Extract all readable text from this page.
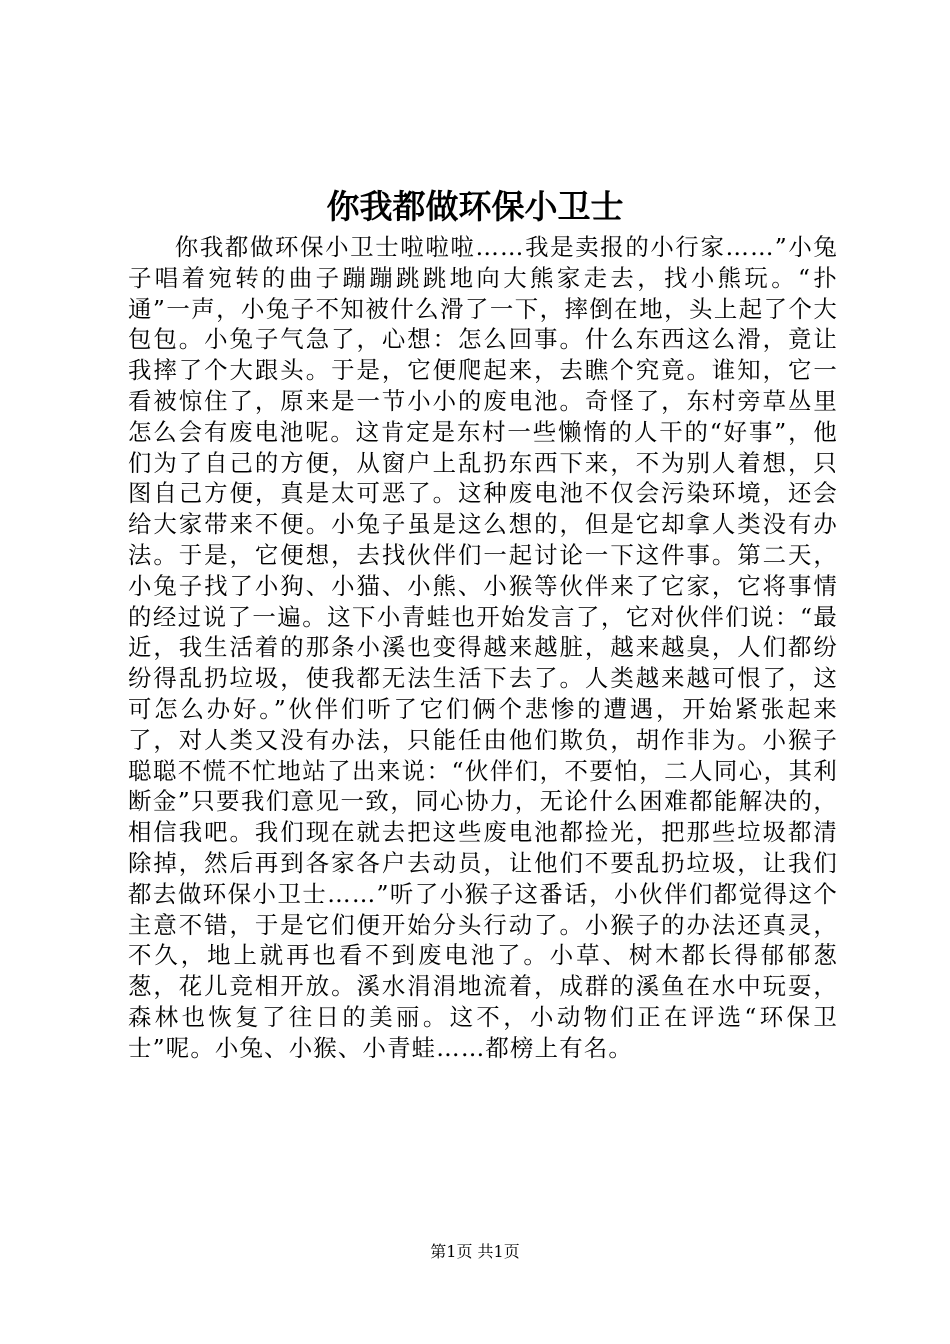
你我都做环保小卫士

你我都做环保小卫士啦啦啦……我是卖报的小行家……”小兔子唱着宛转的曲子蹦蹦跳跳地向大熊家走去，找小熊玩。“扑通”一声，小兔子不知被什么滑了一下，摔倒在地，头上起了个大包包。小兔子气急了，心想：怎么回事。什么东西这么滑，竟让我摔了个大跟头。于是，它便爬起来，去瞧个究竟。谁知，它一看被惊住了，原来是一节小小的废电池。奇怪了，东村旁草丛里怎么会有废电池呢。这肯定是东村一些懒惰的人干的“好事”，他们为了自己的方便，从窗户上乱扔东西下来，不为别人着想，只图自己方便，真是太可恶了。这种废电池不仅会污染环境，还会给大家带来不便。小兔子虽是这么想的，但是它却拿人类没有办法。于是，它便想，去找伙伴们一起讨论一下这件事。第二天，小兔子找了小狗、小猫、小熊、小猴等伙伴来了它家，它将事情的经过说了一遍。这下小青蛙也开始发言了，它对伙伴们说：“最近，我生活着的那条小溪也变得越来越脏，越来越臭，人们都纷纷得乱扔垃圾，使我都无法生活下去了。人类越来越可恨了，这可怎么办好。”伙伴们听了它们俩个悲惨的遭遇，开始紧张起来了，对人类又没有办法，只能任由他们欺负，胡作非为。小猴子聪聪不慌不忙地站了出来说：“伙伴们，不要怕，二人同心，其利断金”只要我们意见一致，同心协力，无论什么困难都能解决的，相信我吧。我们现在就去把这些废电池都捡光，把那些垃圾都清除掉，然后再到各家各户去动员，让他们不要乱扔垃圾，让我们都去做环保小卫士……”听了小猴子这番话，小伙伴们都觉得这个主意不错，于是它们便开始分头行动了。小猴子的办法还真灵，不久，地上就再也看不到废电池了。小草、树木都长得郁郁葱葱，花儿竞相开放。溪水涓涓地流着，成群的溪鱼在水中玩耍，森林也恢复了往日的美丽。这不，小动物们正在评选“环保卫士”呢。小兔、小猴、小青蛙……都榜上有名。

第1页 共1页
